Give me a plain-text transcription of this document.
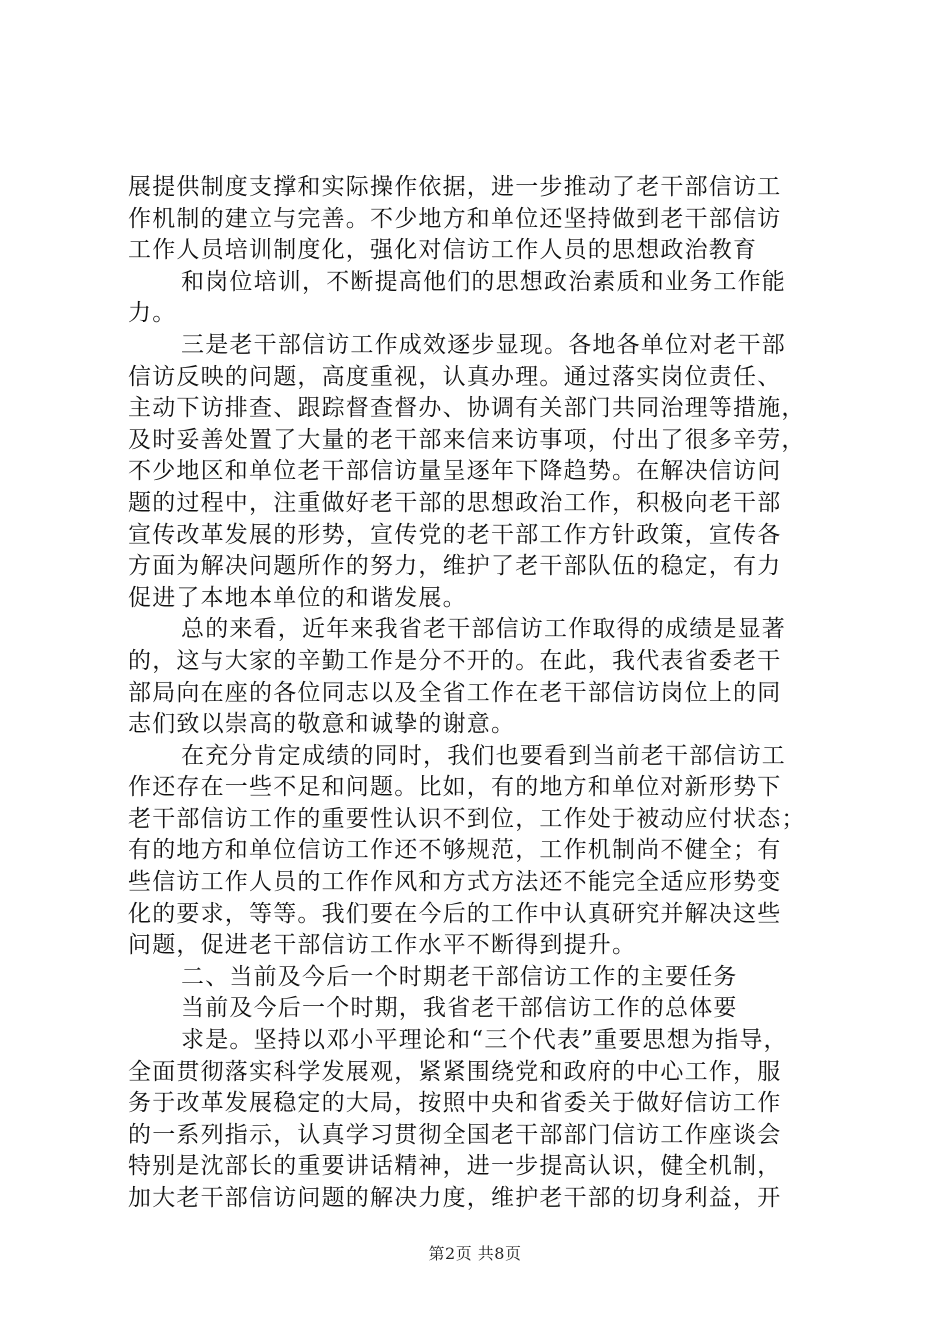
展提供制度支撑和实际操作依据，进一步推动了老干部信访工
作机制的建立与完善。不少地方和单位还坚持做到老干部信访
工作人员培训制度化，强化对信访工作人员的思想政治教育
和岗位培训，不断提高他们的思想政治素质和业务工作能
力。
三是老干部信访工作成效逐步显现。各地各单位对老干部
信访反映的问题，高度重视，认真办理。通过落实岗位责任、
主动下访排查、跟踪督查督办、协调有关部门共同治理等措施，
及时妥善处置了大量的老干部来信来访事项，付出了很多辛劳，
不少地区和单位老干部信访量呈逐年下降趋势。在解决信访问
题的过程中，注重做好老干部的思想政治工作，积极向老干部
宣传改革发展的形势，宣传党的老干部工作方针政策，宣传各
方面为解决问题所作的努力，维护了老干部队伍的稳定，有力
促进了本地本单位的和谐发展。
总的来看，近年来我省老干部信访工作取得的成绩是显著
的，这与大家的辛勤工作是分不开的。在此，我代表省委老干
部局向在座的各位同志以及全省工作在老干部信访岗位上的同
志们致以崇高的敬意和诚挚的谢意。
在充分肯定成绩的同时，我们也要看到当前老干部信访工
作还存在一些不足和问题。比如，有的地方和单位对新形势下
老干部信访工作的重要性认识不到位，工作处于被动应付状态；
有的地方和单位信访工作还不够规范，工作机制尚不健全；有
些信访工作人员的工作作风和方式方法还不能完全适应形势变
化的要求，等等。我们要在今后的工作中认真研究并解决这些
问题，促进老干部信访工作水平不断得到提升。
二、当前及今后一个时期老干部信访工作的主要任务
当前及今后一个时期，我省老干部信访工作的总体要
求是。坚持以邓小平理论和“三个代表”重要思想为指导，
全面贯彻落实科学发展观，紧紧围绕党和政府的中心工作，服
务于改革发展稳定的大局，按照中央和省委关于做好信访工作
的一系列指示，认真学习贯彻全国老干部部门信访工作座谈会
特别是沈部长的重要讲话精神，进一步提高认识，健全机制，
加大老干部信访问题的解决力度，维护老干部的切身利益，开
第2页 共8页
